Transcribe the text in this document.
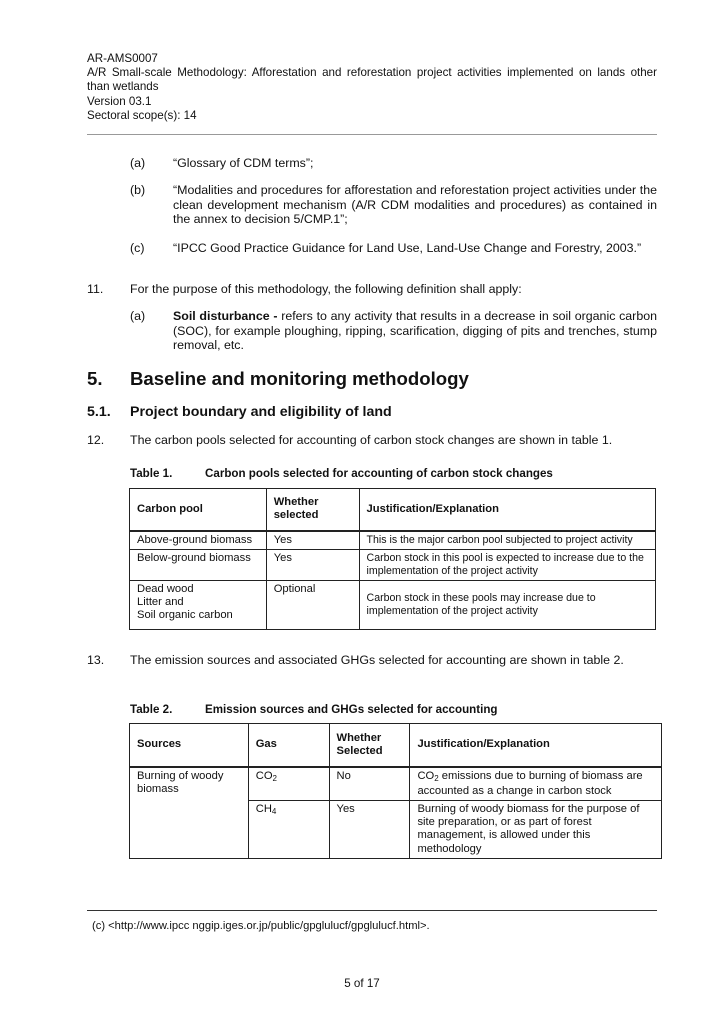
AR-AMS0007
A/R Small-scale Methodology: Afforestation and reforestation project activities implemented on lands other than wetlands
Version 03.1
Sectoral scope(s): 14
(a) “Glossary of CDM terms”;
(b) “Modalities and procedures for afforestation and reforestation project activities under the clean development mechanism (A/R CDM modalities and procedures) as contained in the annex to decision 5/CMP.1”;
(c) “IPCC Good Practice Guidance for Land Use, Land-Use Change and Forestry, 2003.”
11. For the purpose of this methodology, the following definition shall apply:
(a) Soil disturbance - refers to any activity that results in a decrease in soil organic carbon (SOC), for example ploughing, ripping, scarification, digging of pits and trenches, stump removal, etc.
5. Baseline and monitoring methodology
5.1. Project boundary and eligibility of land
12. The carbon pools selected for accounting of carbon stock changes are shown in table 1.
Table 1.	Carbon pools selected for accounting of carbon stock changes
Carbon pool	Whether selected	Justification/Explanation
Above-ground biomass	Yes	This is the major carbon pool subjected to project activity
Below-ground biomass	Yes	Carbon stock in this pool is expected to increase due to the implementation of the project activity

Dead wood
Litter and
Soil organic carbon	Optional	Carbon stock in these pools may increase due to implementation of the project activity
13. The emission sources and associated GHGs selected for accounting are shown in table 2.
Table 2.	Emission sources and GHGs selected for accounting
Sources	Gas	Whether Selected	Justification/Explanation
Burning of woody biomass	$CO_2$	No	$CO_2$ emissions due to burning of biomass are accounted as a change in carbon stock
	$CH_4$	Yes	Burning of woody biomass for the purpose of site preparation, or as part of forest management, is allowed under this methodology
(c) <http://www.ipcc nggip.iges.or.jp/public/gpglulucf/gpglulucf.html>.
5 of 17
